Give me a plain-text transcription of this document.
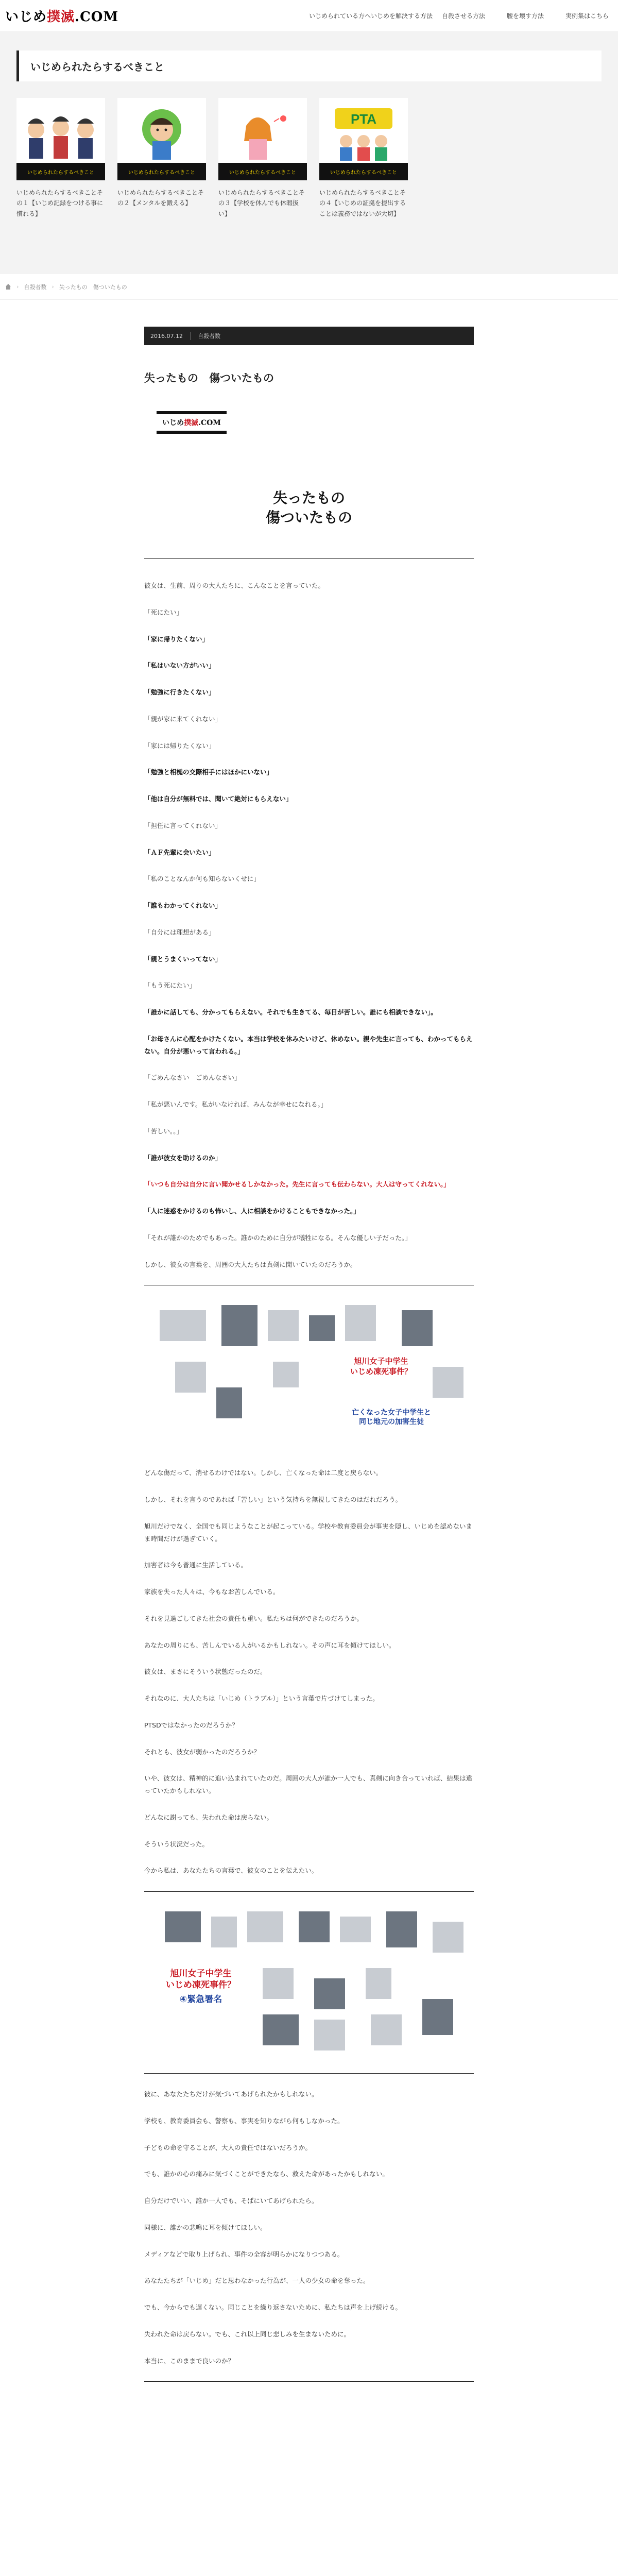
いじめ撲滅.COM	いじめられている方へ いじめを解決する方法	自殺させる方法	腰を壊す方法	実例集はこちら
いじめられたらするべきこと
いじめられたらするべきこと

いじめられたらするべきことその１【いじめ記録をつける事に慣れる】

いじめられたらするべきこと

いじめられたらするべきことその２【メンタルを鍛える】

いじめられたらするべきこと

いじめられたらするべきことその３【学校を休んでも休暇扱い】

PTA
いじめられたらするべきこと

いじめられたらするべきことその４【いじめの証拠を提出することは義務ではないが大切】

› 自殺者数 › 失ったもの　傷ついたもの
2016.07.12	自殺者数
失ったもの　傷ついたもの
いじめ撲滅.COM
失ったもの
傷ついたもの

彼女は、生前、周りの大人たちに、こんなことを言っていた。

「死にたい」

「家に帰りたくない」

「私はいない方がいい」

「勉強に行きたくない」

「親が家に来てくれない」

「家には帰りたくない」

「勉強と相槌の交際相手にはほかにいない」

「他は自分が無料では、聞いて絶対にもらえない」

「担任に言ってくれない」

「ＡＦ先輩に会いたい」

「私のことなんか何も知らないくせに」

「誰もわかってくれない」

「自分には理想がある」

「親とうまくいってない」

「もう死にたい」

「誰かに話しても、分かってもらえない。それでも生きてる、毎日が苦しい。誰にも相談できない」。

「お母さんに心配をかけたくない。本当は学校を休みたいけど、休めない。親や先生に言っても、わかってもらえない。自分が悪いって言われる。」

「ごめんなさい　ごめんなさい」

「私が悪いんです。私がいなければ、みんなが幸せになれる。」

「苦しい。。」

「誰が彼女を助けるのか」

「いつも自分は自分に言い聞かせるしかなかった。先生に言っても伝わらない。大人は守ってくれない。」

「人に迷惑をかけるのも怖いし、人に相談をかけることもできなかった。」

「それが誰かのためでもあった。誰かのために自分が犠牲になる。そんな優しい子だった。」

しかし、彼女の言葉を、周囲の大人たちは真剣に聞いていたのだろうか。

旭川女子中学生
いじめ凍死事件？
亡くなった女子中学生と
同じ地元の加害生徒

どんな傷だって、消せるわけではない。しかし、亡くなった命は二度と戻らない。

しかし、それを言うのであれば「苦しい」という気持ちを無視してきたのはだれだろう。

旭川だけでなく、全国でも同じようなことが起こっている。学校や教育委員会が事実を隠し、いじめを認めないまま時間だけが過ぎていく。

加害者は今も普通に生活している。

家族を失った人々は、今もなお苦しんでいる。

それを見過ごしてきた社会の責任も重い。私たちは何ができたのだろうか。

あなたの周りにも、苦しんでいる人がいるかもしれない。その声に耳を傾けてほしい。

彼女は、まさにそういう状態だったのだ。

それなのに、大人たちは「いじめ（トラブル）」という言葉で片づけてしまった。

PTSDではなかったのだろうか？

それとも、彼女が弱かったのだろうか？

いや、彼女は、精神的に追い込まれていたのだ。周囲の大人が誰か一人でも、真剣に向き合っていれば、結果は違っていたかもしれない。

どんなに謝っても、失われた命は戻らない。

そういう状況だった。

今から私は、あなたたちの言葉で、彼女のことを伝えたい。

旭川女子中学生
いじめ凍死事件？
④緊急署名

彼に、あなたたちだけが気づいてあげられたかもしれない。

学校も、教育委員会も、警察も、事実を知りながら何もしなかった。

子どもの命を守ることが、大人の責任ではないだろうか。

でも、誰かの心の痛みに気づくことができたなら、救えた命があったかもしれない。

自分だけでいい、誰か一人でも、そばにいてあげられたら。

同様に、誰かの悲鳴に耳を傾けてほしい。

メディアなどで取り上げられ、事件の全容が明らかになりつつある。

あなたたちが「いじめ」だと思わなかった行為が、一人の少女の命を奪った。

でも、今からでも遅くない。同じことを繰り返さないために、私たちは声を上げ続ける。

失われた命は戻らない。でも、これ以上同じ悲しみを生まないために。

本当に、このままで良いのか？
